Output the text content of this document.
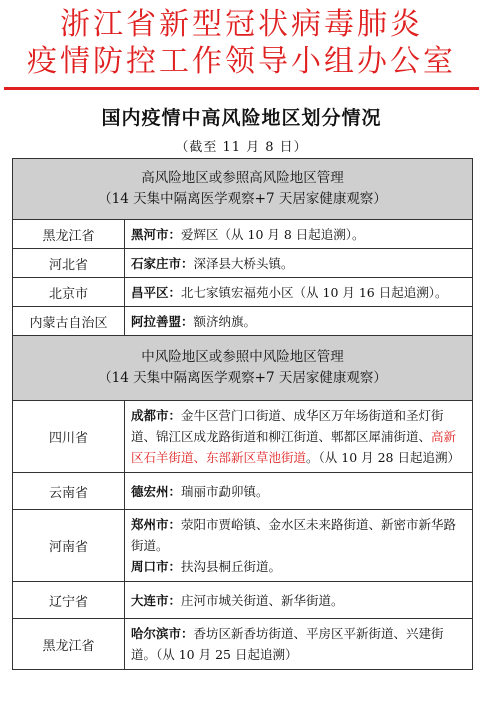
浙江省新型冠状病毒肺炎
疫情防控工作领导小组办公室
国内疫情中高风险地区划分情况
（截至 11 月 8 日）
高风险地区或参照高风险地区管理
（14 天集中隔离医学观察+7 天居家健康观察）	

黑龙江省	黑河市：爱辉区（从 10 月 8 日起追溯）。
河北省	石家庄市：深泽县大桥头镇。
北京市	昌平区：北七家镇宏福苑小区（从 10 月 16 日起追溯）。
内蒙古自治区	阿拉善盟：额济纳旗。

中风险地区或参照中风险地区管理
（14 天集中隔离医学观察+7 天居家健康观察）	

四川省	成都市：金牛区营门口街道、成华区万年场街道和圣灯街道、锦江区成龙路街道和柳江街道、郫都区犀浦街道、高新区石羊街道、东部新区草池街道。（从 10 月 28 日起追溯）
云南省	德宏州：瑞丽市勐卯镇。
河南省	郑州市：荥阳市贾峪镇、金水区未来路街道、新密市新华路街道。
周口市：扶沟县桐丘街道。

辽宁省	大连市：庄河市城关街道、新华街道。
黑龙江省	哈尔滨市：香坊区新香坊街道、平房区平新街道、兴建街道。（从 10 月 25 日起追溯）
